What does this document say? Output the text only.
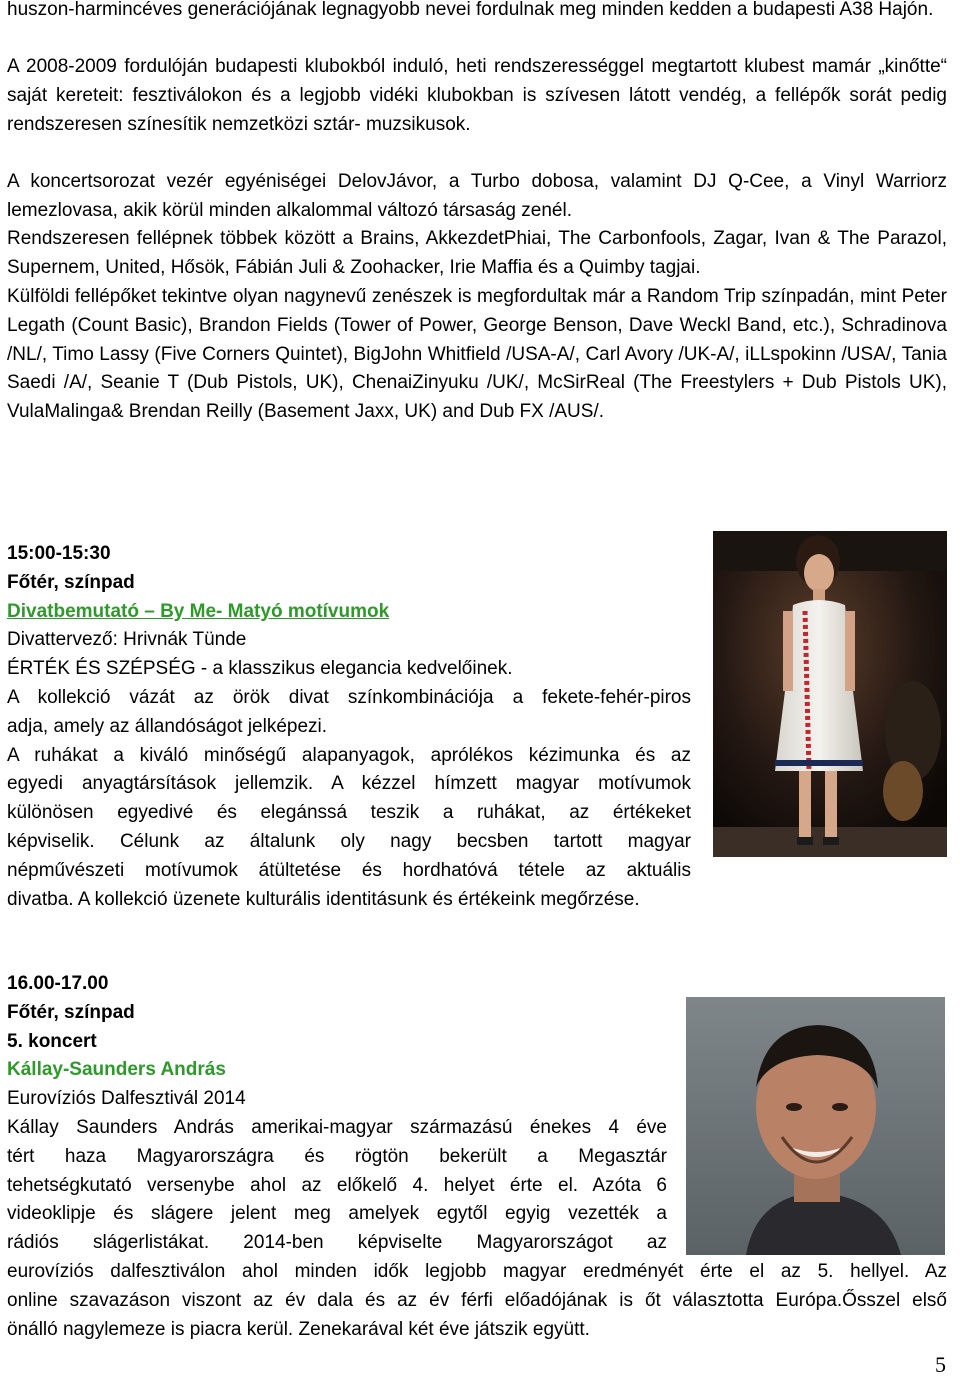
huszon-harmincéves generációjának legnagyobb nevei fordulnak meg minden kedden a budapesti A38 Hajón.

A 2008-2009 fordulóján budapesti klubokból induló, heti rendszerességgel megtartott klubest mamár „kinőtte“ saját kereteit: fesztiválokon és a legjobb vidéki klubokban is szívesen látott vendég, a fellépők sorát pedig rendszeresen színesítik nemzetközi sztár- muzsikusok.

A koncertsorozat vezér egyéniségei DelovJávor, a Turbo dobosa, valamint DJ Q-Cee, a Vinyl Warriorz lemezlovasa, akik körül minden alkalommal változó társaság zenél.

Rendszeresen fellépnek többek között a Brains, AkkezdetPhiai, The Carbonfools, Zagar, Ivan & The Parazol, Supernem, United, Hősök, Fábián Juli & Zoohacker, Irie Maffia és a Quimby tagjai.

Külföldi fellépőket tekintve olyan nagynevű zenészek is megfordultak már a Random Trip színpadán, mint Peter Legath (Count Basic), Brandon Fields (Tower of Power, George Benson, Dave Weckl Band, etc.), Schradinova /NL/, Timo Lassy (Five Corners Quintet), BigJohn Whitfield /USA-A/, Carl Avory /UK-A/, iLLspokinn /USA/, Tania Saedi /A/, Seanie T (Dub Pistols, UK), ChenaiZinyuku /UK/, McSirReal (The Freestylers + Dub Pistols UK), VulaMalinga& Brendan Reilly (Basement Jaxx, UK) and Dub FX /AUS/.

15:00-15:30
Főtér, színpad
Divatbemutató – By Me- Matyó motívumok
Divattervező: Hrivnák Tünde
ÉRTÉK ÉS SZÉPSÉG - a klasszikus elegancia kedvelőinek.
A kollekció vázát az örök divat színkombinációja a fekete-fehér-piros
adja, amely az állandóságot jelképezi.
A ruhákat a kiváló minőségű alapanyagok, aprólékos kézimunka és az
egyedi anyagtársítások jellemzik. A kézzel hímzett magyar motívumok
különösen egyedivé és elegánssá teszik a ruhákat, az értékeket
képviselik. Célunk az általunk oly nagy becsben tartott magyar
népművészeti motívumok átültetése és hordhatóvá tétele az aktuális
divatba. A kollekció üzenete kulturális identitásunk és értékeink megőrzése.
16.00-17.00
Főtér, színpad
5. koncert
Kállay-Saunders András
Eurovíziós Dalfesztivál 2014
Kállay Saunders András amerikai-magyar származású énekes 4 éve
tért haza Magyarországra és rögtön bekerült a Megasztár
tehetségkutató versenybe ahol az előkelő 4. helyet érte el. Azóta 6
videoklipje és slágere jelent meg amelyek egytől egyig vezették a
rádiós slágerlistákat. 2014-ben képviselte Magyarországot az
eurovíziós dalfesztiválon ahol minden idők legjobb magyar eredményét érte el az 5. hellyel. Az
online szavazáson viszont az év dala és az év férfi előadójának is őt választotta Európa.Ősszel első
önálló nagylemeze is piacra kerül. Zenekarával két éve játszik együtt.
5
